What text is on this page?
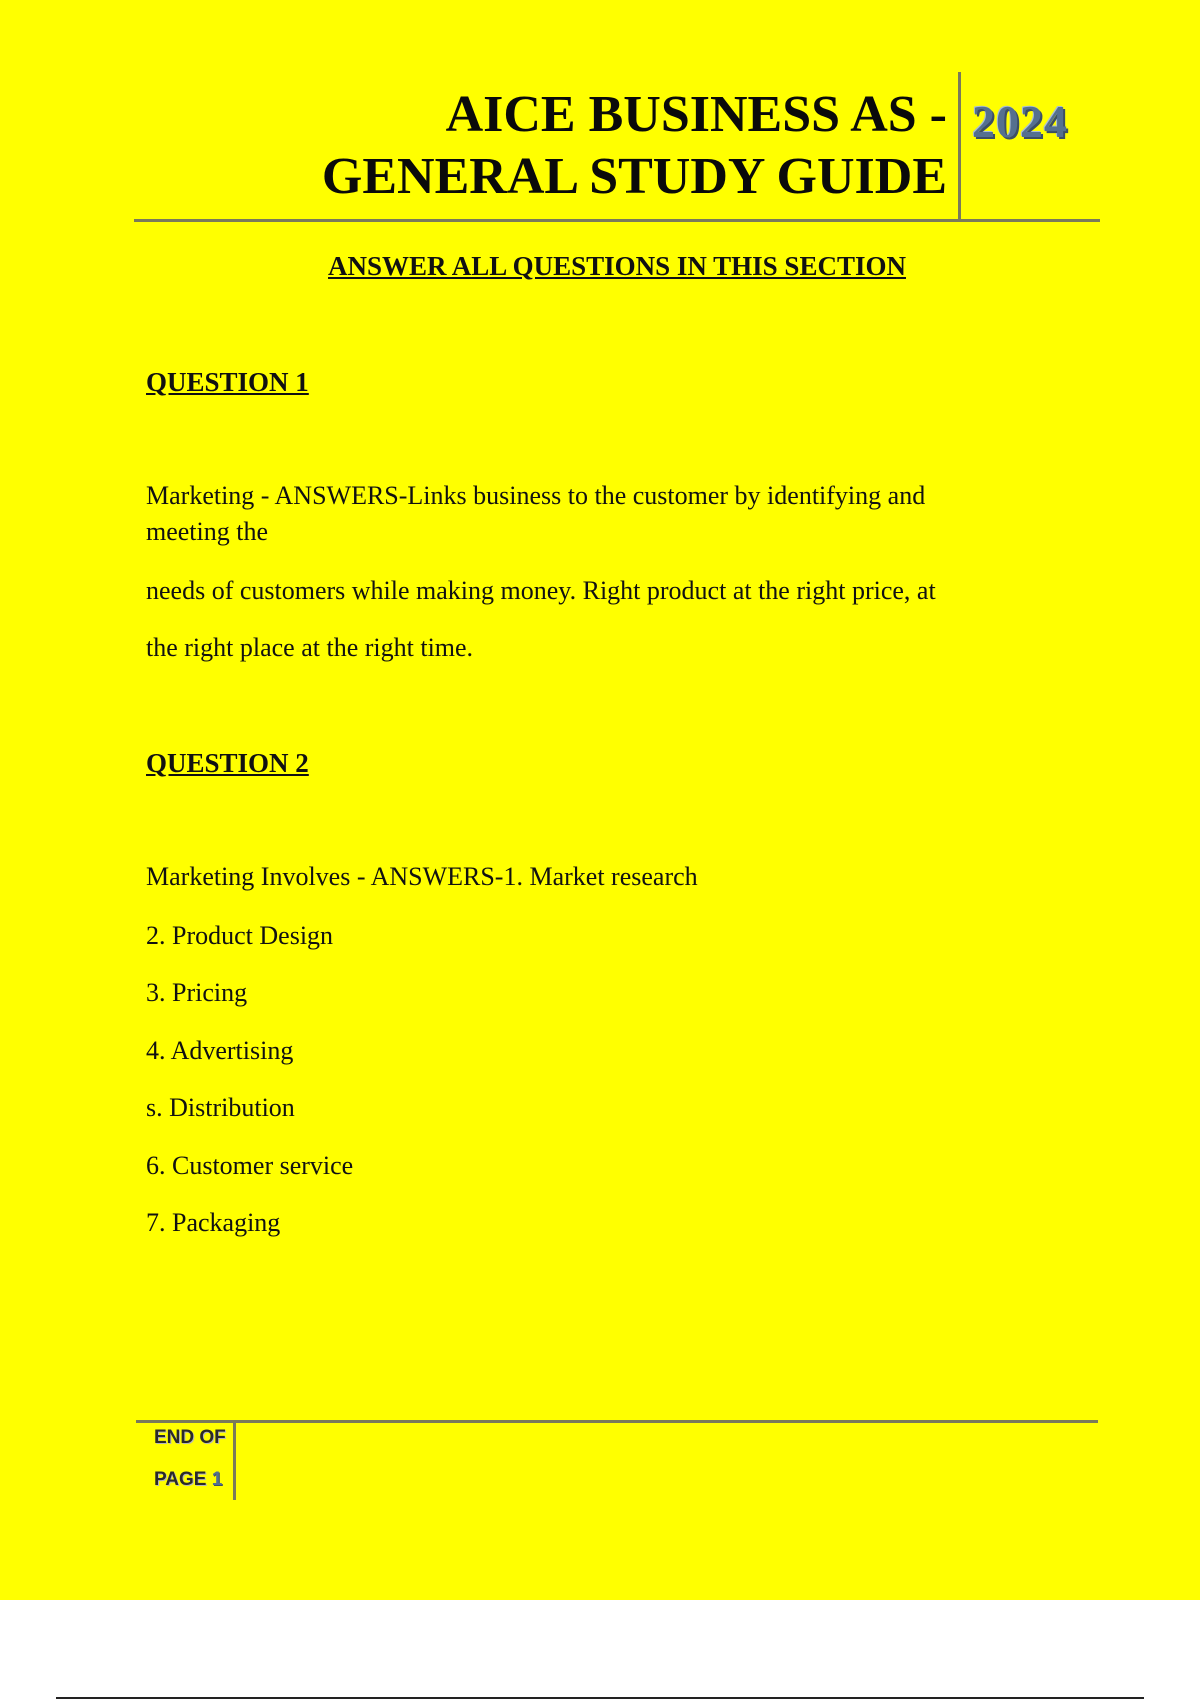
AICE BUSINESS AS -
GENERAL STUDY GUIDE
2024

ANSWER ALL QUESTIONS IN THIS SECTION

QUESTION 1

Marketing - ANSWERS-Links business to the customer by identifying and

meeting the

needs of customers while making money. Right product at the right price, at

the right place at the right time.

QUESTION 2

Marketing Involves - ANSWERS-1. Market research

2. Product Design

3. Pricing

4. Advertising

s. Distribution

6. Customer service

7. Packaging

END OF
PAGE 1
